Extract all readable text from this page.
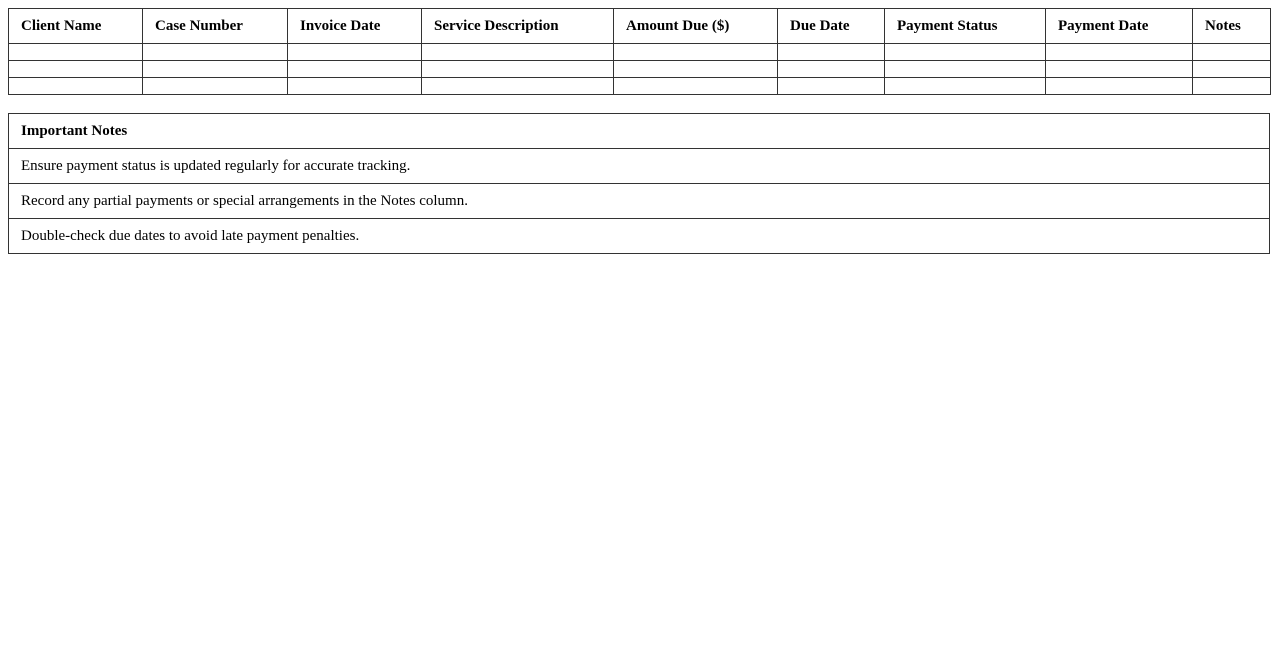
Client Name	Case Number	Invoice Date	Service Description	Amount Due ($)	Due Date	Payment Status	Payment Date	Notes

Important Notes
Ensure payment status is updated regularly for accurate tracking.
Record any partial payments or special arrangements in the Notes column.
Double-check due dates to avoid late payment penalties.
